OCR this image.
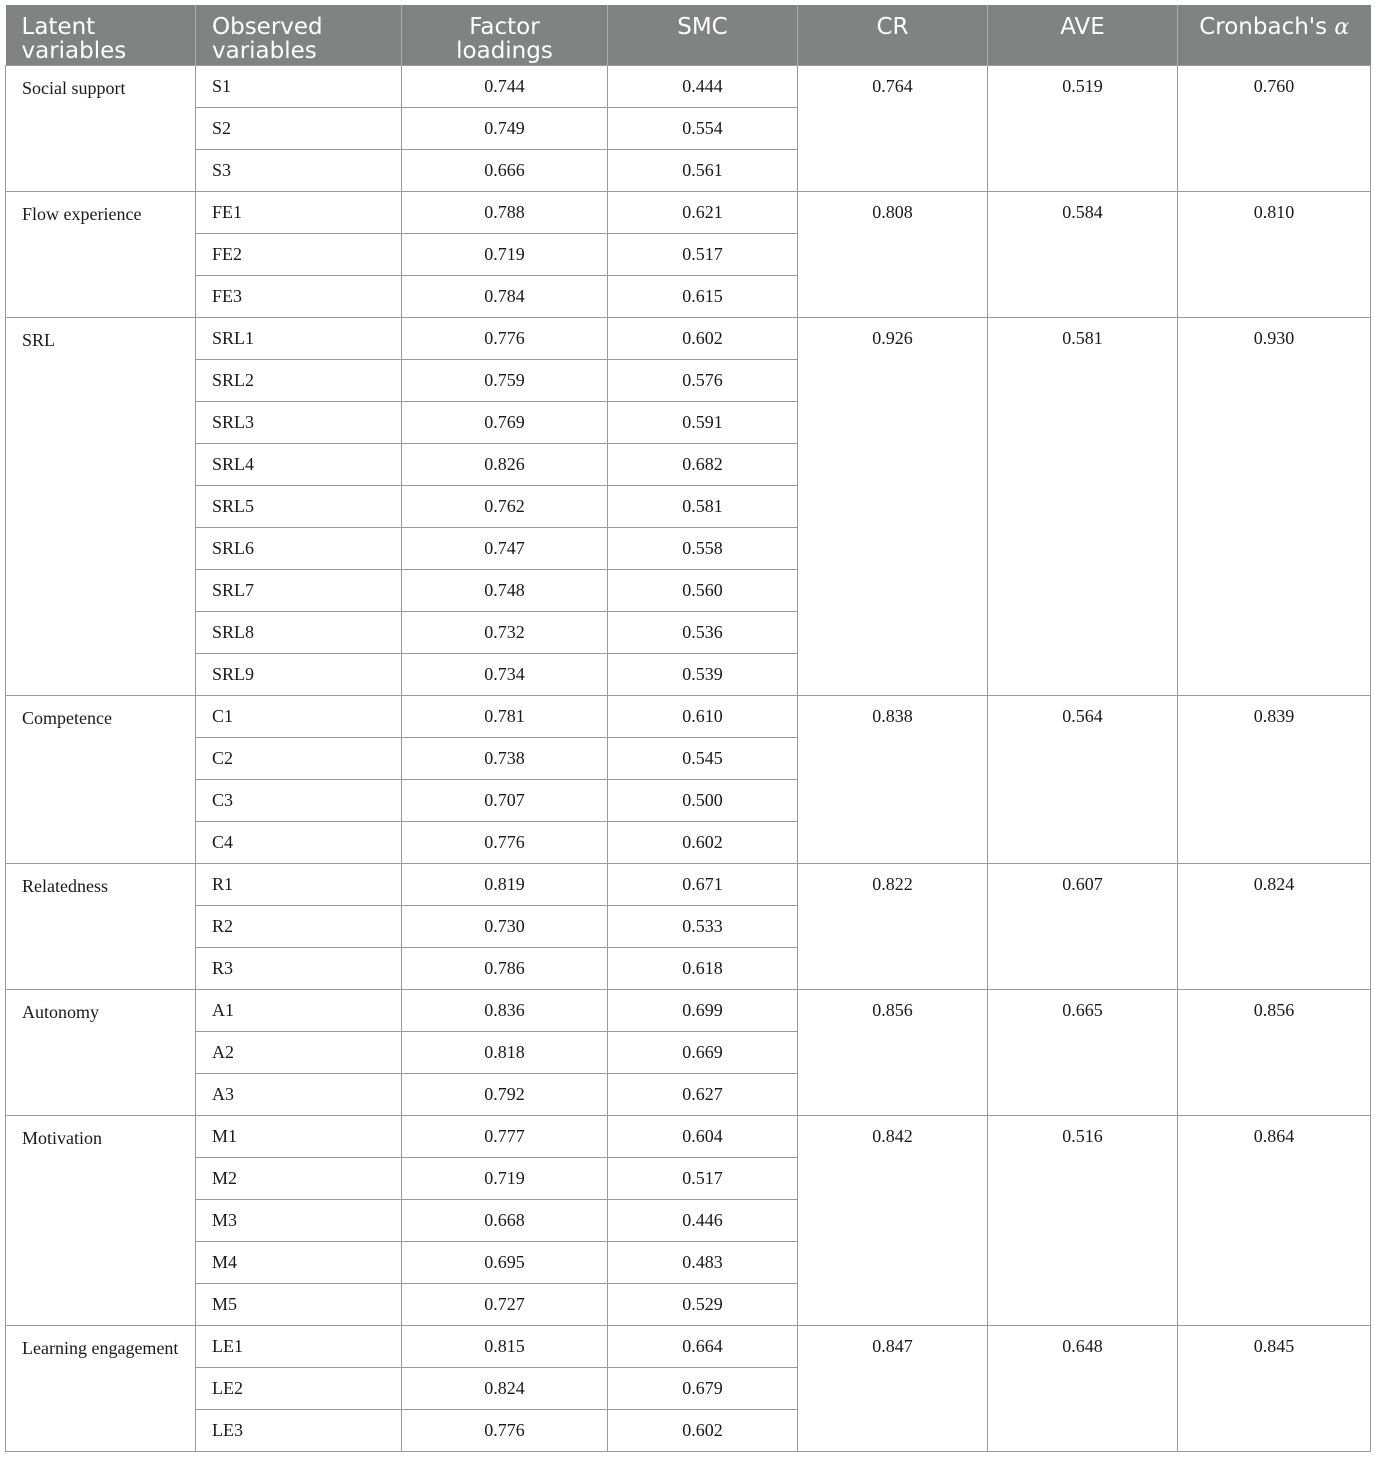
Latent variables	Observed variables	Factor loadings	SMC	CR	AVE	Cronbach's α
Social support	S1	0.744	0.444	0.764	0.519	0.760
	S2	0.749	0.554			
	S3	0.666	0.561			
Flow experience	FE1	0.788	0.621	0.808	0.584	0.810
	FE2	0.719	0.517			
	FE3	0.784	0.615			
SRL	SRL1	0.776	0.602	0.926	0.581	0.930
	SRL2	0.759	0.576			
	SRL3	0.769	0.591			
	SRL4	0.826	0.682			
	SRL5	0.762	0.581			
	SRL6	0.747	0.558			
	SRL7	0.748	0.560			
	SRL8	0.732	0.536			
	SRL9	0.734	0.539			
Competence	C1	0.781	0.610	0.838	0.564	0.839
	C2	0.738	0.545			
	C3	0.707	0.500			
	C4	0.776	0.602			
Relatedness	R1	0.819	0.671	0.822	0.607	0.824
	R2	0.730	0.533			
	R3	0.786	0.618			
Autonomy	A1	0.836	0.699	0.856	0.665	0.856
	A2	0.818	0.669			
	A3	0.792	0.627			
Motivation	M1	0.777	0.604	0.842	0.516	0.864
	M2	0.719	0.517			
	M3	0.668	0.446			
	M4	0.695	0.483			
	M5	0.727	0.529			
Learning engagement	LE1	0.815	0.664	0.847	0.648	0.845
	LE2	0.824	0.679			
	LE3	0.776	0.602			
